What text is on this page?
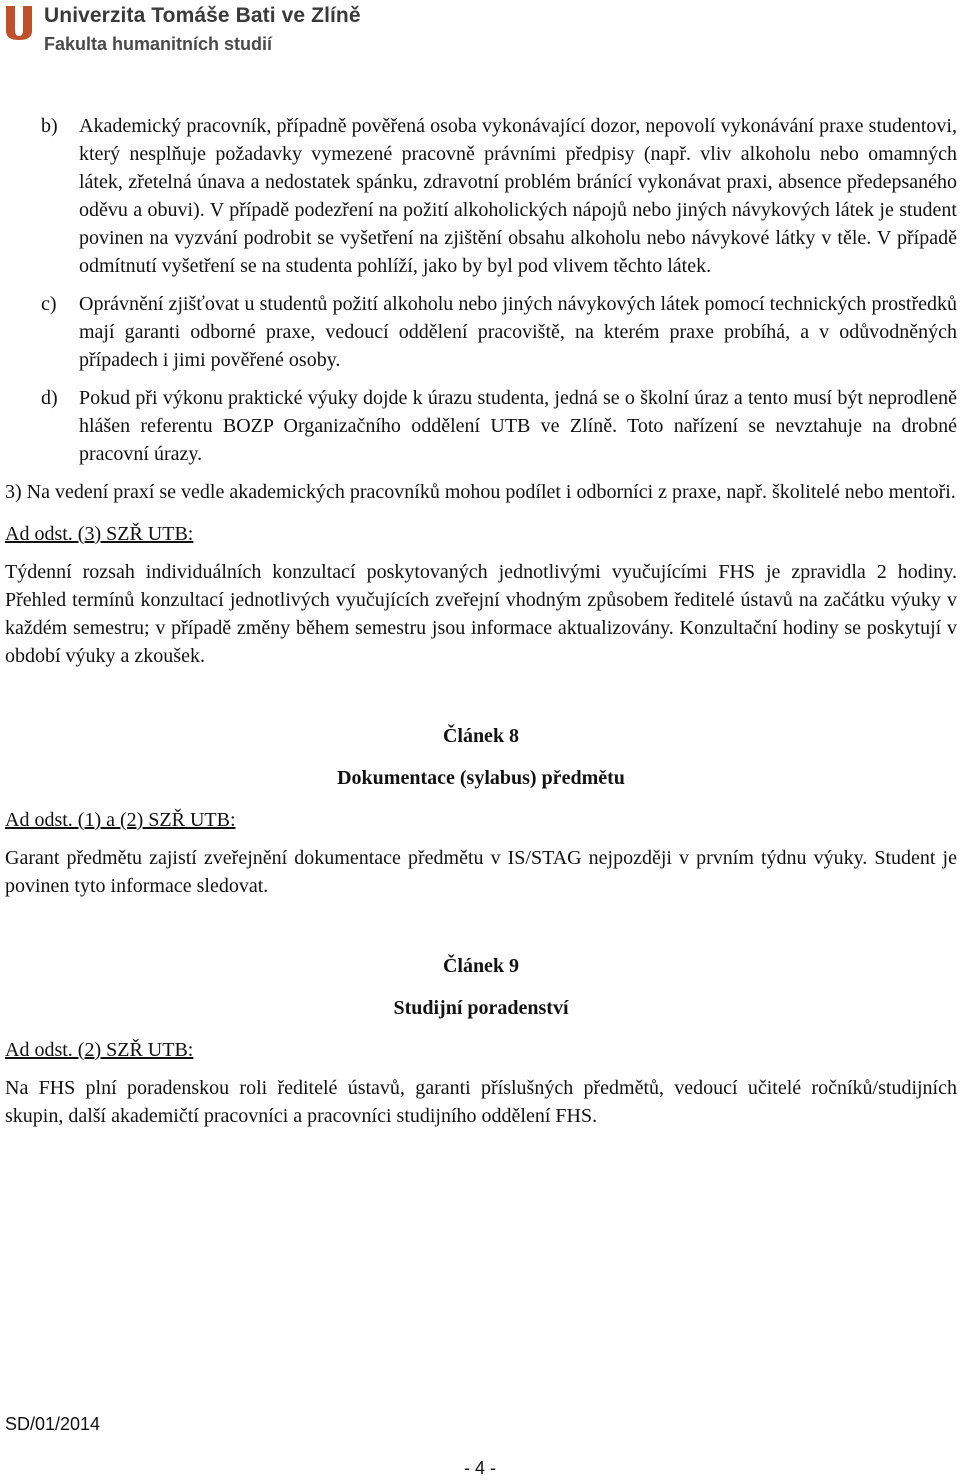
Univerzita Tomáše Bati ve Zlíně
Fakulta humanitních studií

b) Akademický pracovník, případně pověřená osoba vykonávající dozor, nepovolí vykonávání praxe studentovi, který nesplňuje požadavky vymezené pracovně právními předpisy (např. vliv alkoholu nebo omamných látek, zřetelná únava a nedostatek spánku, zdravotní problém bránící vykonávat praxi, absence předepsaného oděvu a obuvi). V případě podezření na požití alkoholických nápojů nebo jiných návykových látek je student povinen na vyzvání podrobit se vyšetření na zjištění obsahu alkoholu nebo návykové látky v těle. V případě odmítnutí vyšetření se na studenta pohlíží, jako by byl pod vlivem těchto látek.

c) Oprávnění zjišťovat u studentů požití alkoholu nebo jiných návykových látek pomocí technických prostředků mají garanti odborné praxe, vedoucí oddělení pracoviště, na kterém praxe probíhá, a v odůvodněných případech i jimi pověřené osoby.

d) Pokud při výkonu praktické výuky dojde k úrazu studenta, jedná se o školní úraz a tento musí být neprodleně hlášen referentu BOZP Organizačního oddělení UTB ve Zlíně. Toto nařízení se nevztahuje na drobné pracovní úrazy.

3) Na vedení praxí se vedle akademických pracovníků mohou podílet i odborníci z praxe, např. školitelé nebo mentoři.

Ad odst. (3) SZŘ UTB:

Týdenní rozsah individuálních konzultací poskytovaných jednotlivými vyučujícími FHS je zpravidla 2 hodiny. Přehled termínů konzultací jednotlivých vyučujících zveřejní vhodným způsobem ředitelé ústavů na začátku výuky v každém semestru; v případě změny během semestru jsou informace aktualizovány. Konzultační hodiny se poskytují v období výuky a zkoušek.

Článek 8
Dokumentace (sylabus) předmětu
Ad odst. (1) a (2) SZŘ UTB:

Garant předmětu zajistí zveřejnění dokumentace předmětu v IS/STAG nejpozději v prvním týdnu výuky. Student je povinen tyto informace sledovat.

Článek 9
Studijní poradenství
Ad odst. (2) SZŘ UTB:

Na FHS plní poradenskou roli ředitelé ústavů, garanti příslušných předmětů, vedoucí učitelé ročníků/studijních skupin, další akademičtí pracovníci a pracovníci studijního oddělení FHS.

SD/01/2014
- 4 -
